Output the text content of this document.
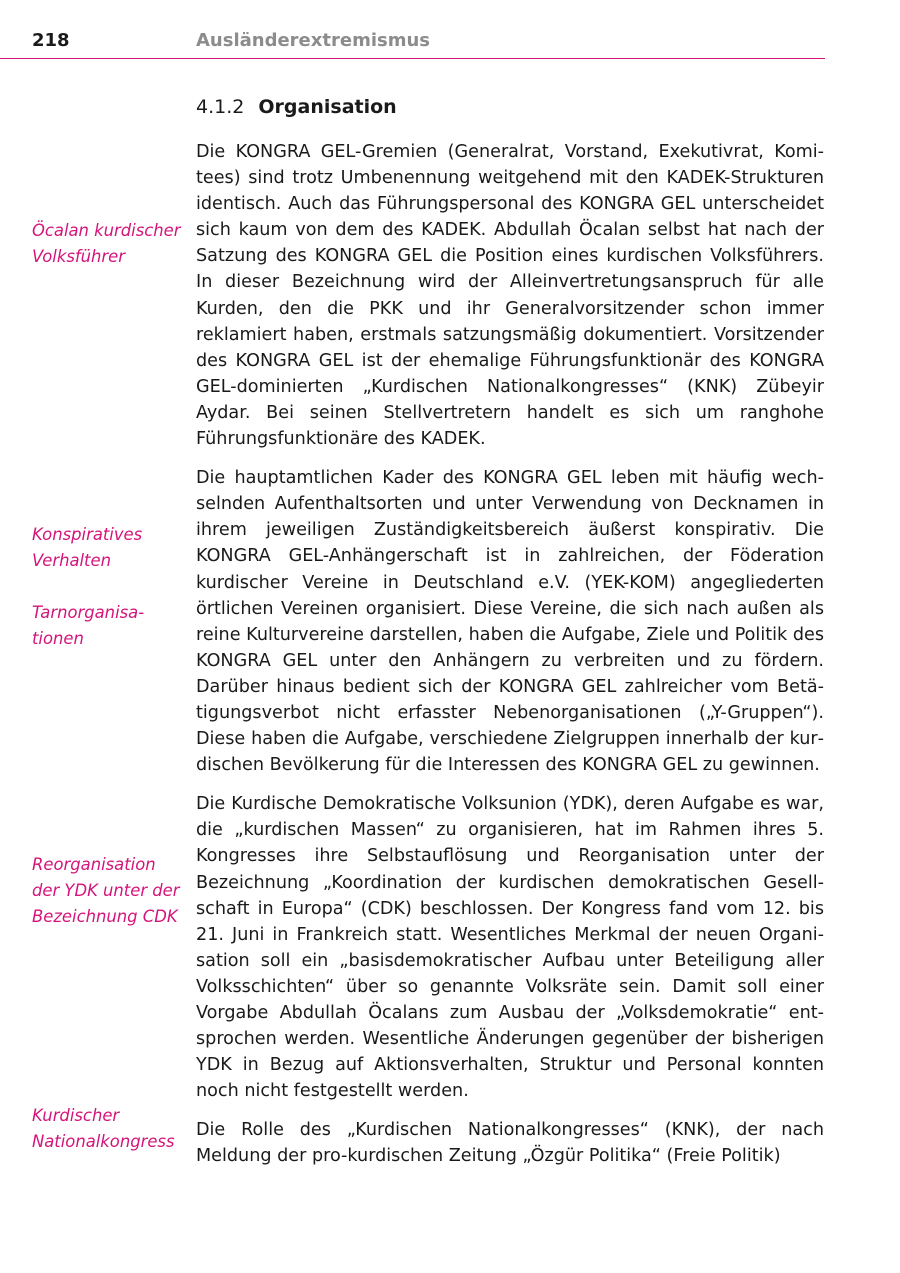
218	Ausländerextremismus
4.1.2 Organisation
Öcalan kurdischer
Volksführer
Konspiratives
Verhalten
Tarnorganisa-
tionen
Reorganisation
der YDK unter der
Bezeichnung CDK
Kurdischer
Nationalkongress

Die KONGRA GEL-Gremien (Generalrat, Vorstand, Exekutivrat, Komitees) sind trotz Umbenennung weitgehend mit den KADEK-Strukturen identisch. Auch das Führungspersonal des KONGRA GEL unterscheidet sich kaum von dem des KADEK. Abdullah Öcalan selbst hat nach der Satzung des KONGRA GEL die Position eines kurdischen Volksführers. In dieser Bezeichnung wird der Alleinvertretungsanspruch für alle Kurden, den die PKK und ihr Generalvorsitzender schon immer reklamiert haben, erstmals satzungsmäßig dokumentiert. Vorsitzender des KONGRA GEL ist der ehemalige Führungsfunktionär des KONGRA GEL-dominierten „Kurdischen Nationalkongresses“ (KNK) Zübeyir Aydar. Bei seinen Stellvertretern handelt es sich um ranghohe Führungsfunktionäre des KADEK.

Die hauptamtlichen Kader des KONGRA GEL leben mit häufig wechselnden Aufenthaltsorten und unter Verwendung von Decknamen in ihrem jeweiligen Zuständigkeitsbereich äußerst konspirativ. Die KONGRA GEL-Anhängerschaft ist in zahlreichen, der Föderation kurdischer Vereine in Deutschland e.V. (YEK-KOM) angegliederten örtlichen Vereinen organisiert. Diese Vereine, die sich nach außen als reine Kulturvereine darstellen, haben die Aufgabe, Ziele und Politik des KONGRA GEL unter den Anhängern zu verbreiten und zu fördern. Darüber hinaus bedient sich der KONGRA GEL zahlreicher vom Betätigungsverbot nicht erfasster Nebenorganisationen („Y-Gruppen“). Diese haben die Aufgabe, verschiedene Zielgruppen innerhalb der kurdischen Bevölkerung für die Interessen des KONGRA GEL zu gewinnen.

Die Kurdische Demokratische Volksunion (YDK), deren Aufgabe es war, die „kurdischen Massen“ zu organisieren, hat im Rahmen ihres 5. Kongresses ihre Selbstauflösung und Reorganisation unter der Bezeichnung „Koordination der kurdischen demokratischen Gesellschaft in Europa“ (CDK) beschlossen. Der Kongress fand vom 12. bis 21. Juni in Frankreich statt. Wesentliches Merkmal der neuen Organisation soll ein „basisdemokratischer Aufbau unter Beteiligung aller Volksschichten“ über so genannte Volksräte sein. Damit soll einer Vorgabe Abdullah Öcalans zum Ausbau der „Volksdemokratie“ entsprochen werden. Wesentliche Änderungen gegenüber der bisherigen YDK in Bezug auf Aktionsverhalten, Struktur und Personal konnten noch nicht festgestellt werden.

Die Rolle des „Kurdischen Nationalkongresses“ (KNK), der nach Meldung der pro-kurdischen Zeitung „Özgür Politika“ (Freie Politik)
